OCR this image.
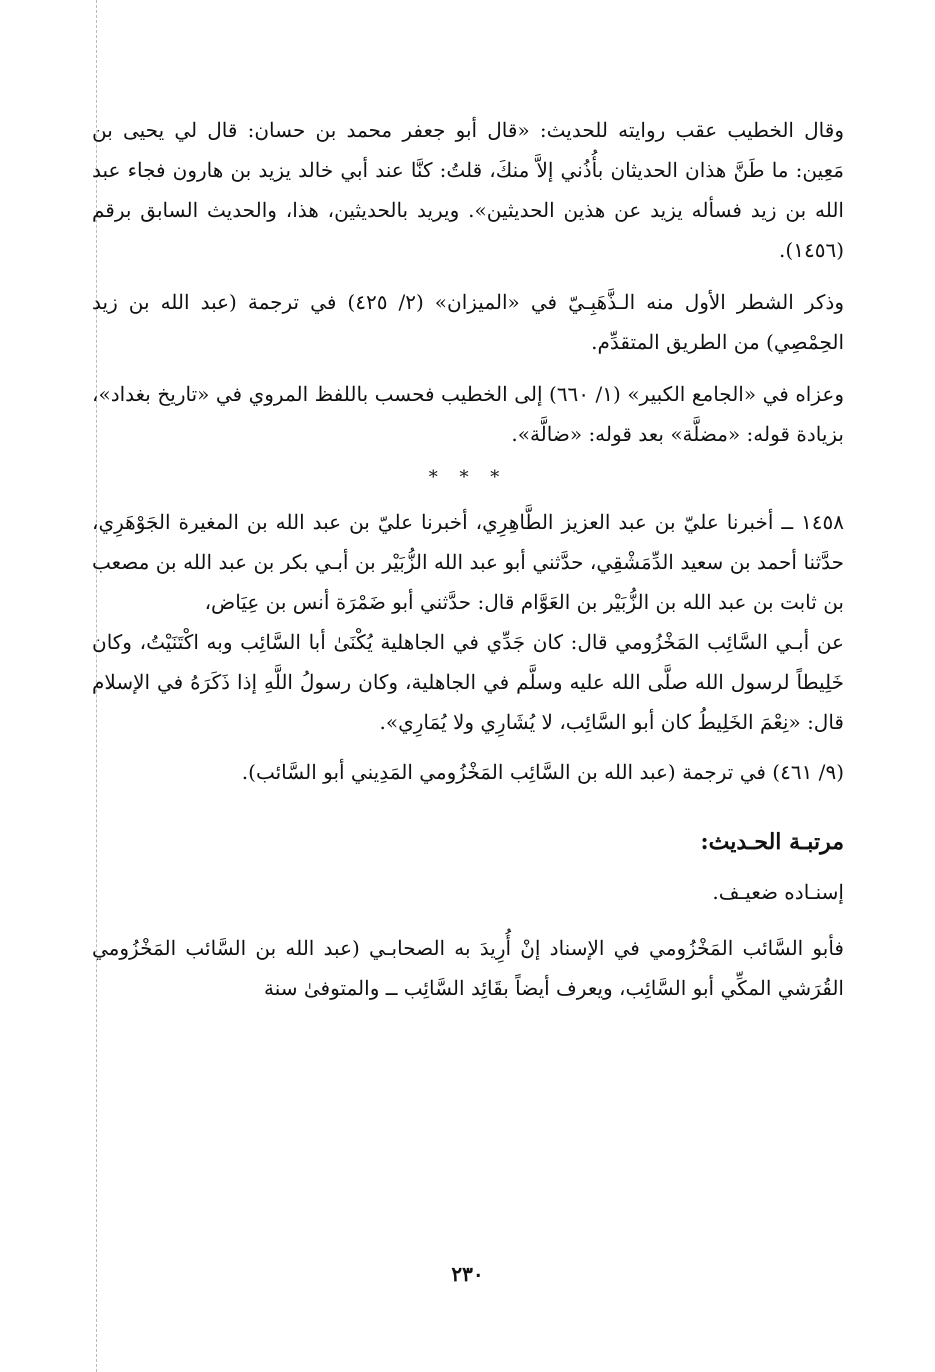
وقال الخطيب عقب روايته للحديث: «قال أبو جعفر محمد بن حسان: قال لي يحيى بن مَعِين: ما طَنَّ هذان الحديثان بأُذُني إلاَّ منكَ، قلتُ: كنَّا عند أبي خالد يزيد بن هارون فجاء عبد الله بن زيد فسأله يزيد عن هذين الحديثين». ويريد بالحديثين، هذا، والحديث السابق برقم (١٤٥٦).

وذكر الشطر الأول منه الـذَّهَبِـيّ في «الميزان» (٢/ ٤٢٥) في ترجمة (عبد الله بن زيد الحِمْصِي) من الطريق المتقدِّم.

وعزاه في «الجامع الكبير» (١/ ٦٦٠) إلى الخطيب فحسب باللفظ المروي في «تاريخ بغداد»، بزيادة قوله: «مضلَّة» بعد قوله: «ضالَّة».

* * *

١٤٥٨ ــ أخبرنا عليّ بن عبد العزيز الطَّاهِرِي، أخبرنا عليّ بن عبد الله بن المغيرة الجَوْهَرِي، حدَّثنا أحمد بن سعيد الدِّمَشْقِي، حدَّثني أبو عبد الله الزُّبَيْر بن أبـي بكر بن عبد الله بن مصعب بن ثابت بن عبد الله بن الزُّبَيْر بن العَوَّام قال: حدَّثني أبو ضَمْرَة أنس بن عِيَاض،

عن أبـي السَّائِب المَخْزُومي قال: كان جَدِّي في الجاهلية يُكْنَىٰ أبا السَّائِب وبه اكْتَنَيْتُ، وكان خَلِيطاً لرسول الله صلَّى الله عليه وسلَّم في الجاهلية، وكان رسولُ اللَّهِ إذا ذَكَرَهُ في الإسلام قال: «نِعْمَ الخَلِيطُ كان أبو السَّائِب، لا يُشَارِي ولا يُمَارِي».

(٩/ ٤٦١) في ترجمة (عبد الله بن السَّائِب المَخْزُومي المَدِيني أبو السَّائب).

مرتبـة الحـديث:

إسنـاده ضعيـف.

فأبو السَّائب المَخْزُومي في الإسناد إنْ أُرِيدَ به الصحابـي (عبد الله بن السَّائب المَخْزُومي القُرَشي المكِّي أبو السَّائِب، ويعرف أيضاً بقَائِد السَّائِب ــ والمتوفىٰ سنة

٢٣٠
